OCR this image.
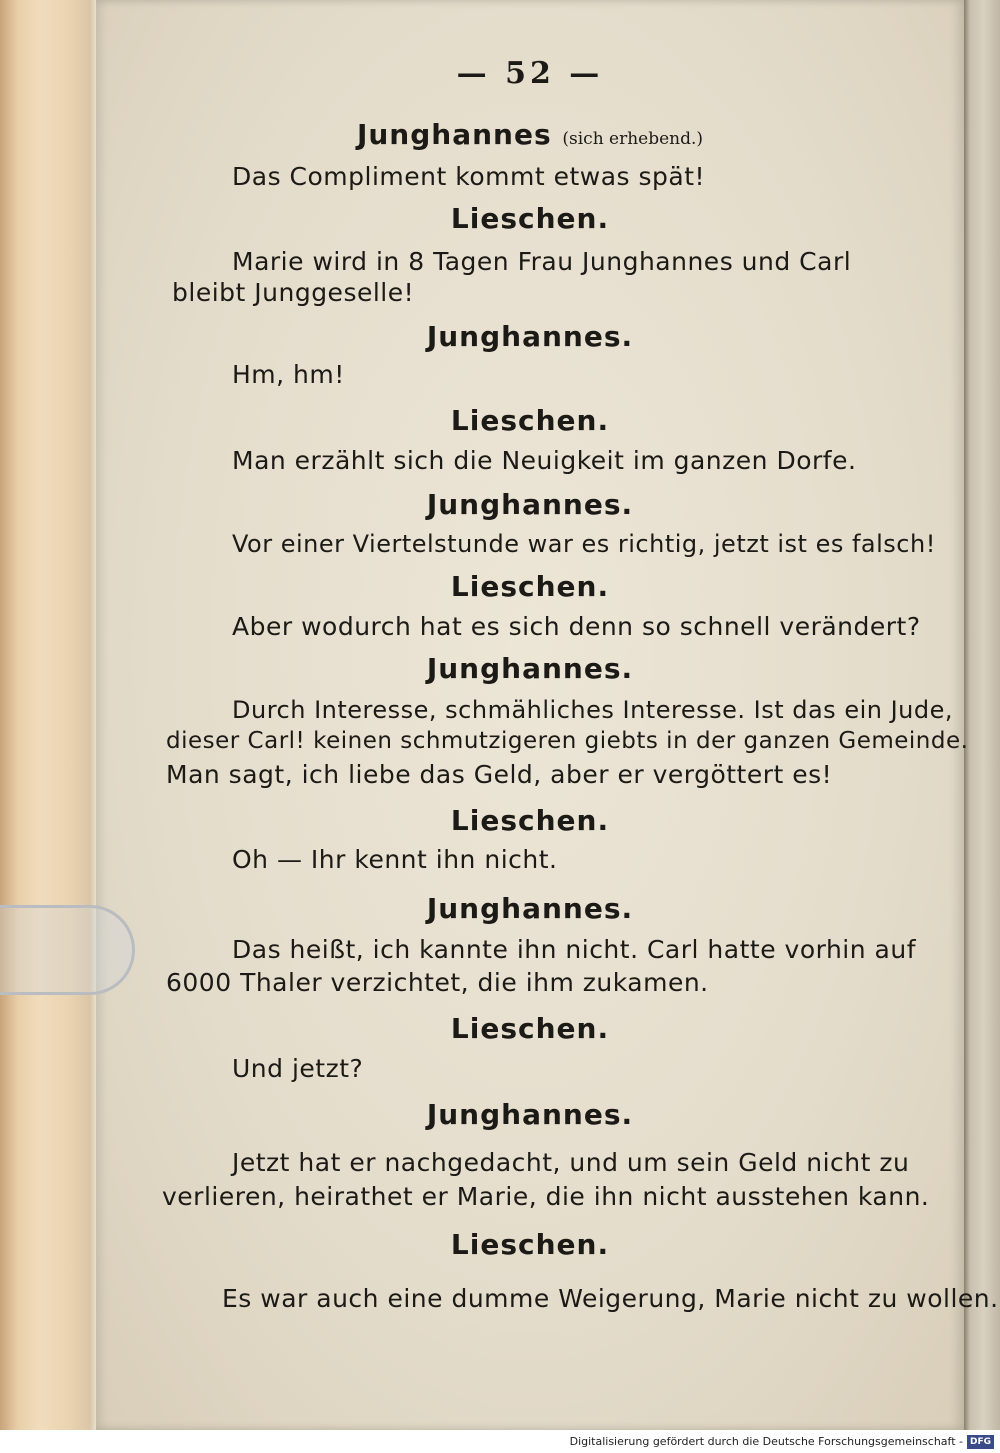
— 52 —
Junghannes (sich erhebend.)
Das Compliment kommt etwas spät!
Lieschen.
Marie wird in 8 Tagen Frau Junghannes und Carl
bleibt Junggeselle!
Junghannes.
Hm, hm!
Lieschen.
Man erzählt sich die Neuigkeit im ganzen Dorfe.
Junghannes.
Vor einer Viertelstunde war es richtig, jetzt ist es falsch!
Lieschen.
Aber wodurch hat es sich denn so schnell verändert?
Junghannes.
Durch Interesse, schmähliches Interesse. Ist das ein Jude,
dieser Carl! keinen schmutzigeren giebts in der ganzen Gemeinde.
Man sagt, ich liebe das Geld, aber er vergöttert es!
Lieschen.
Oh — Ihr kennt ihn nicht.
Junghannes.
Das heißt, ich kannte ihn nicht. Carl hatte vorhin auf
6000 Thaler verzichtet, die ihm zukamen.
Lieschen.
Und jetzt?
Junghannes.
Jetzt hat er nachgedacht, und um sein Geld nicht zu
verlieren, heirathet er Marie, die ihn nicht ausstehen kann.
Lieschen.
Es war auch eine dumme Weigerung, Marie nicht zu wollen.
Digitalisierung gefördert durch die Deutsche Forschungsgemeinschaft - DFG
